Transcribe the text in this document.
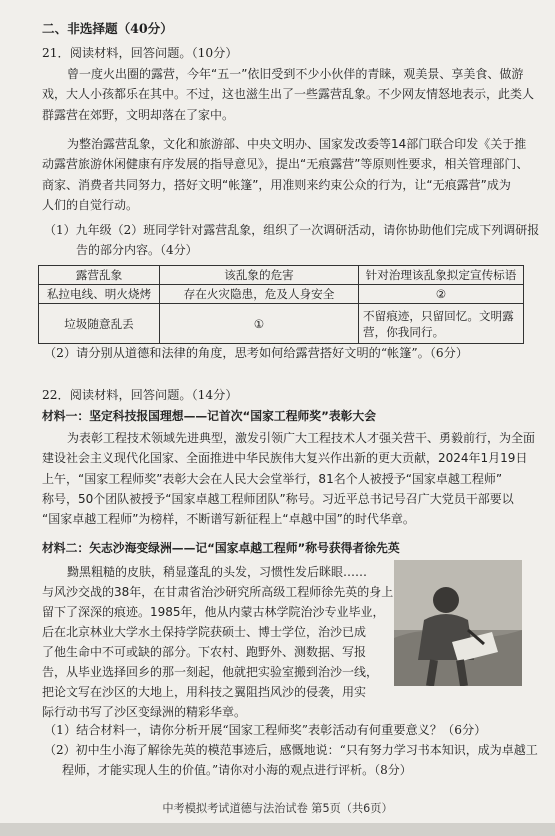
二、非选择题（40分）
21．阅读材料，回答问题。（10分）
曾一度火出圈的露营，今年“五一”依旧受到不少小伙伴的青睐，观美景、享美食、做游
戏，大人小孩都乐在其中。不过，这也滋生出了一些露营乱象。不少网友情怒地表示，此类人
群露营在郊野，文明却落在了家中。
为整治露营乱象，文化和旅游部、中央文明办、国家发改委等14部门联合印发《关于推
动露营旅游休闲健康有序发展的指导意见》，提出“无痕露营”等原则性要求，相关管理部门、
商家、消费者共同努力，搭好文明“帐篷”，用准则来约束公众的行为，让“无痕露营”成为
人们的自觉行动。
（1）九年级（2）班同学针对露营乱象，组织了一次调研活动，请你协助他们完成下列调研报
告的部分内容。（4分）
露营乱象	该乱象的危害	针对治理该乱象拟定宣传标语
私拉电线、明火烧烤	存在火灾隐患，危及人身安全	②
垃圾随意乱丢	①	不留痕迹，只留回忆。文明露营，你我同行。
（2）请分别从道德和法律的角度，思考如何给露营搭好文明的“帐篷”。（6分）
22．阅读材料，回答问题。（14分）
材料一：坚定科技报国理想——记首次“国家工程师奖”表彰大会
为表彰工程技术领域先进典型，激发引领广大工程技术人才强关营干、勇毅前行，为全面
建设社会主义现代化国家、全面推进中华民族伟大复兴作出新的更大贡献，2024年1月19日
上午，“国家工程师奖”表彰大会在人民大会堂举行，81名个人被授予“国家卓越工程师”
称号，50个团队被授予“国家卓越工程师团队”称号。习近平总书记号召广大党员干部要以
“国家卓越工程师”为榜样，不断谱写新征程上“卓越中国”的时代华章。
材料二：矢志沙海变绿洲——记“国家卓越工程师”称号获得者徐先英
黝黑粗糙的皮肤，稍显蓬乱的头发，习惯性发后眯眼……
与风沙交战的38年，在甘肃省治沙研究所高级工程师徐先英的身上
留下了深深的痕迹。1985年，他从内蒙古林学院治沙专业毕业，
后在北京林业大学水土保持学院获硕士、博士学位，治沙已成
了他生命中不可或缺的部分。下农村、跑野外、测数据、写报
告，从毕业选择回乡的那一刻起，他就把实验室搬到治沙一线，
把论文写在沙区的大地上，用科技之翼阻挡风沙的侵袭，用实
际行动书写了沙区变绿洲的精彩华章。
（1）结合材料一，请你分析开展“国家工程师奖”表彰活动有何重要意义？（6分）
（2）初中生小海了解徐先英的模范事迹后，感慨地说：“只有努力学习书本知识，成为卓越工
程师，才能实现人生的价值。”请你对小海的观点进行评析。（8分）
中考模拟考试道德与法治试卷 第5页（共6页）
